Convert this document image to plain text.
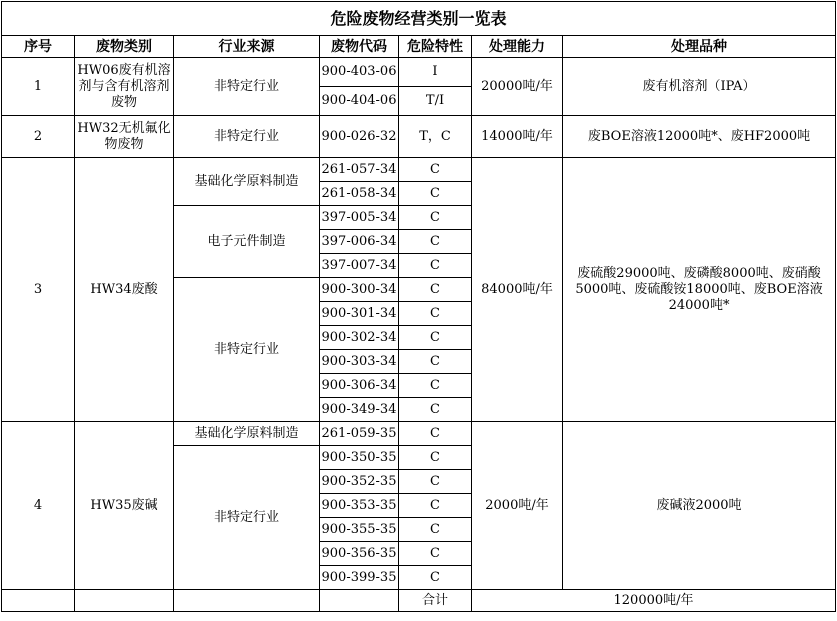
危险废物经营类别一览表						
序号	废物类别	行业来源	废物代码	危险特性	处理能力	处理品种
1	HW06废有机溶剂与含有机溶剂废物	非特定行业	900-403-06	I	20000吨/年	废有机溶剂（IPA）
			900-404-06	T/I		
2	HW32无机氟化物废物	非特定行业	900-026-32	T，C	14000吨/年	废BOE溶液12000吨*、废HF2000吨
3	HW34废酸	基础化学原料制造	261-057-34	C	84000吨/年	废硫酸29000吨、废磷酸8000吨、废硝酸5000吨、废硫酸铵18000吨、废BOE溶液24000吨*
			261-058-34	C		
		电子元件制造	397-005-34	C		
			397-006-34	C		
			397-007-34	C		
		非特定行业	900-300-34	C		
			900-301-34	C		
			900-302-34	C		
			900-303-34	C		
			900-306-34	C		
			900-349-34	C		
4	HW35废碱	基础化学原料制造	261-059-35	C	2000吨/年	废碱液2000吨
		非特定行业	900-350-35	C		
			900-352-35	C		
			900-353-35	C		
			900-355-35	C		
			900-356-35	C		
			900-399-35	C		
				合计	120000吨/年	
